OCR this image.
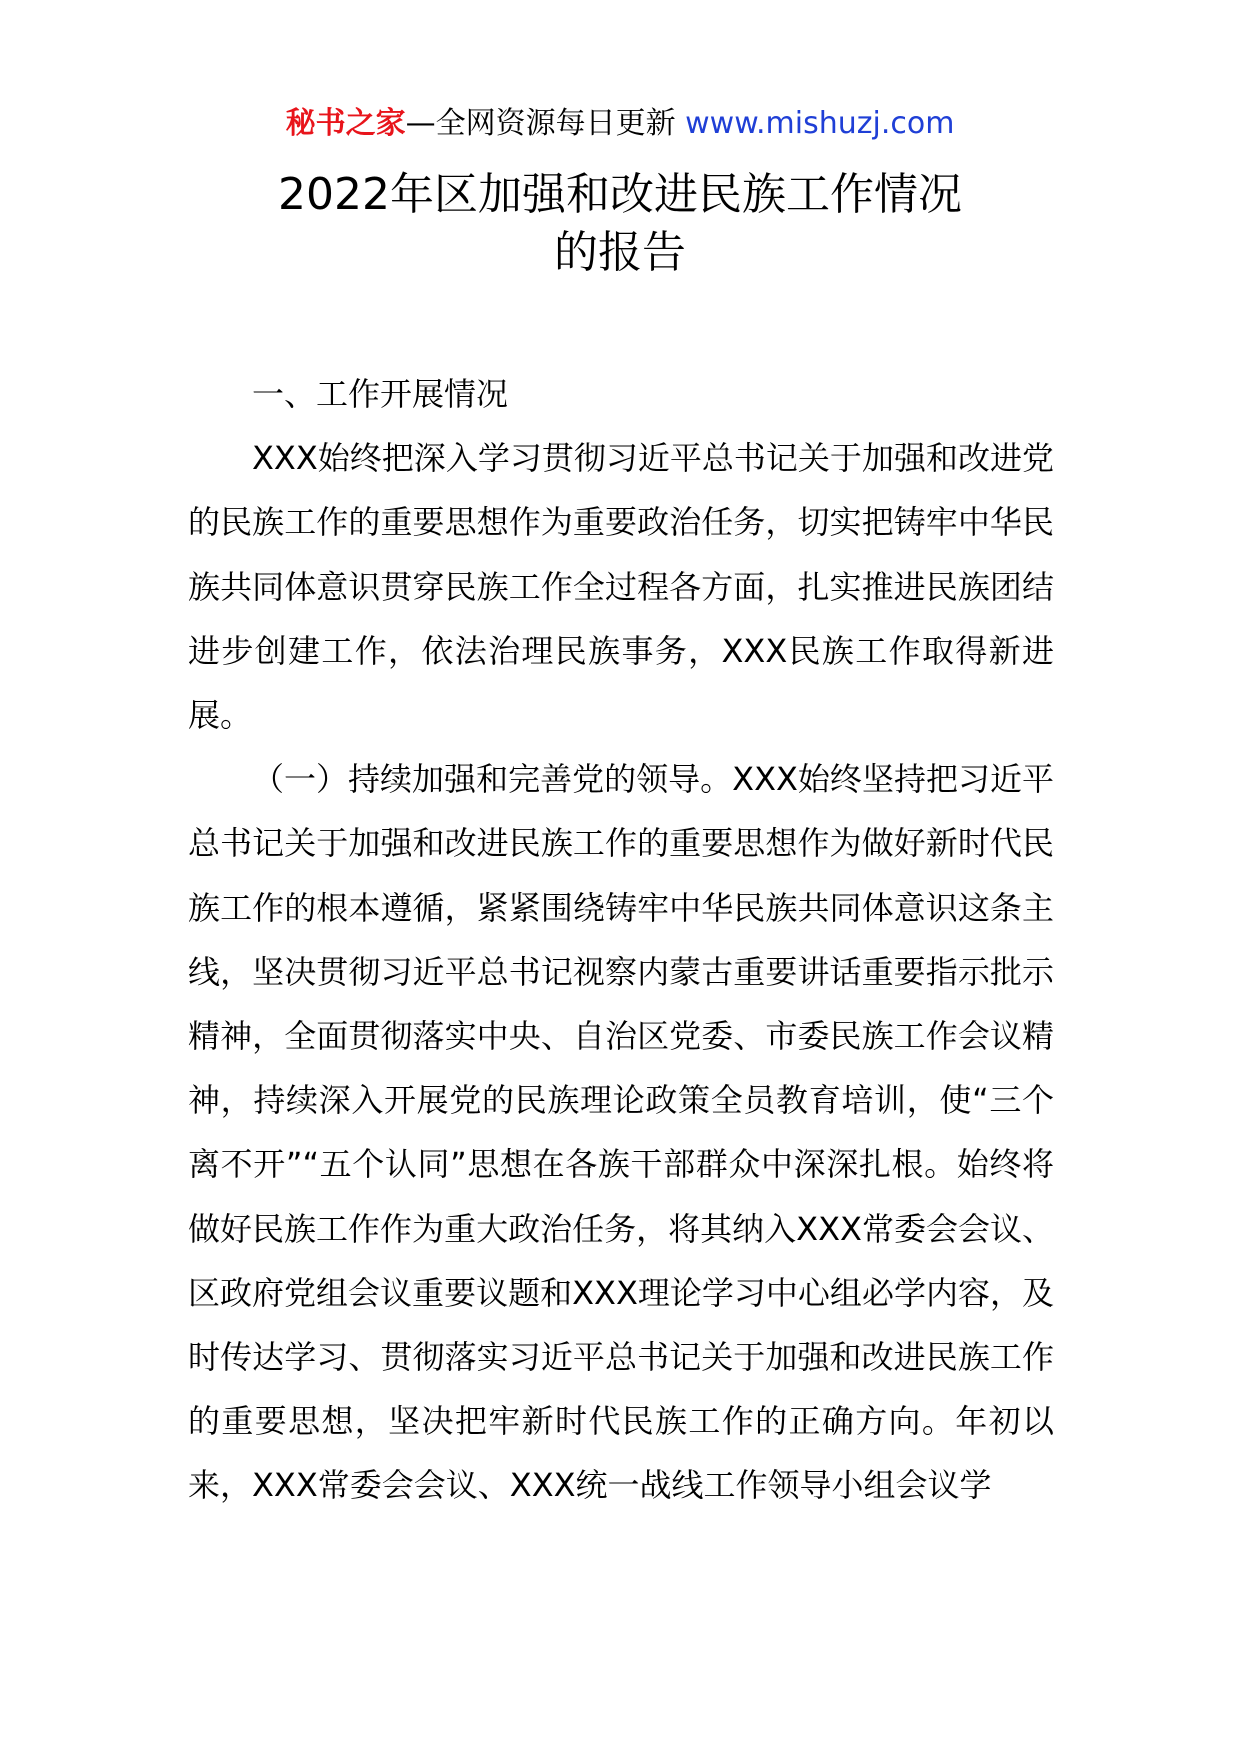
秘书之家—全网资源每日更新 www.mishuzj.com
2022年区加强和改进民族工作情况
的报告

一、工作开展情况

XXX始终把深入学习贯彻习近平总书记关于加强和改进党的民族工作的重要思想作为重要政治任务，切实把铸牢中华民族共同体意识贯穿民族工作全过程各方面，扎实推进民族团结进步创建工作，依法治理民族事务，XXX民族工作取得新进展。

（一）持续加强和完善党的领导。XXX始终坚持把习近平总书记关于加强和改进民族工作的重要思想作为做好新时代民族工作的根本遵循，紧紧围绕铸牢中华民族共同体意识这条主线，坚决贯彻习近平总书记视察内蒙古重要讲话重要指示批示精神，全面贯彻落实中央、自治区党委、市委民族工作会议精神，持续深入开展党的民族理论政策全员教育培训，使“三个离不开”“五个认同”思想在各族干部群众中深深扎根。始终将做好民族工作作为重大政治任务，将其纳入XXX常委会会议、区政府党组会议重要议题和XXX理论学习中心组必学内容，及时传达学习、贯彻落实习近平总书记关于加强和改进民族工作的重要思想，坚决把牢新时代民族工作的正确方向。年初以来，XXX常委会会议、XXX统一战线工作领导小组会议学
